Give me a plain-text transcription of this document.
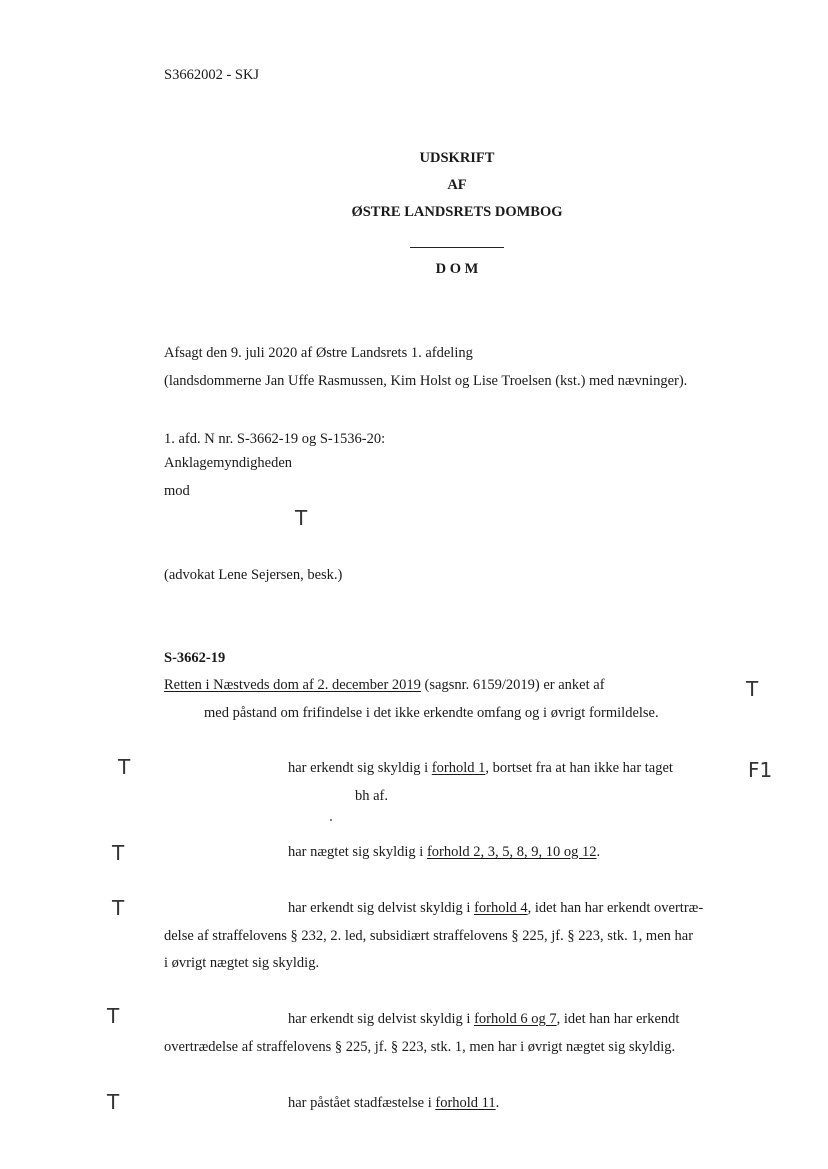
S3662002 - SKJ
UDSKRIFT
AF
ØSTRE LANDSRETS DOMBOG
D O M
Afsagt den 9. juli 2020 af Østre Landsrets 1. afdeling
(landsdommerne Jan Uffe Rasmussen, Kim Holst og Lise Troelsen (kst.) med nævninger).
1. afd. N nr. S-3662-19 og S-1536-20:
Anklagemyndigheden
mod
T
(advokat Lene Sejersen, besk.)
S-3662-19
Retten i Næstveds dom af 2. december 2019 (sagsnr. 6159/2019) er anket af
med påstand om frifindelse i det ikke erkendte omfang og i øvrigt formildelse.
har erkendt sig skyldig i forhold 1, bortset fra at han ikke har taget
bh af.
har nægtet sig skyldig i forhold 2, 3, 5, 8, 9, 10 og 12.
har erkendt sig delvist skyldig i forhold 4, idet han har erkendt overtræ-
delse af straffelovens § 232, 2. led, subsidiært straffelovens § 225, jf. § 223, stk. 1, men har
i øvrigt nægtet sig skyldig.
har erkendt sig delvist skyldig i forhold 6 og 7, idet han har erkendt
overtrædelse af straffelovens § 225, jf. § 223, stk. 1, men har i øvrigt nægtet sig skyldig.
har påstået stadfæstelse i forhold 11.
T
T	F1
T
T
T
T
